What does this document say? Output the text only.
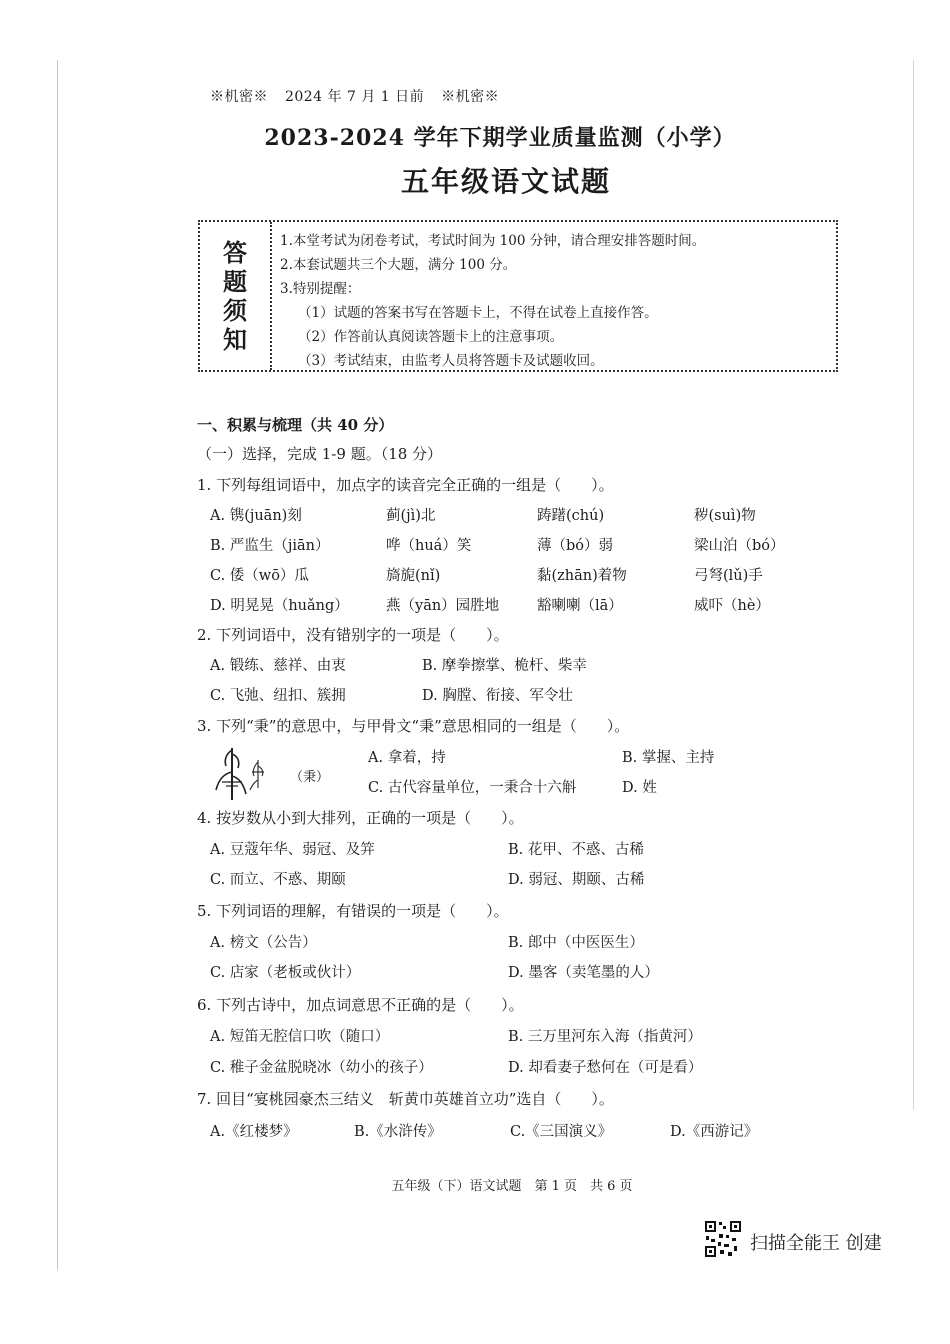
※机密※ 2024 年 7 月 1 日前 ※机密※
2023-2024 学年下期学业质量监测（小学）
五年级语文试题
答
题
须
知
1.本堂考试为闭卷考试，考试时间为 100 分钟，请合理安排答题时间。
2.本套试题共三个大题，满分 100 分。
3.特别提醒：
（1）试题的答案书写在答题卡上，不得在试卷上直接作答。
（2）作答前认真阅读答题卡上的注意事项。
（3）考试结束，由监考人员将答题卡及试题收回。
一、积累与梳理（共 40 分）
（一）选择，完成 1-9 题。（18 分）
1. 下列每组词语中，加点字的读音完全正确的一组是（　　）。
A. 镌(juān)刻	蓟(jì)北	踌躇(chú)	秽(suì)物
B. 严监生（jiān）	哗（huá）笑	薄（bó）弱	梁山泊（bó）
C. 倭（wō）瓜	旖旎(nǐ)	黏(zhān)着物	弓弩(lǔ)手
D. 明晃晃（huǎng）	燕（yān）园胜地	豁喇喇（lā）	威吓（hè）
2. 下列词语中，没有错别字的一项是（　　）。
A. 锻练、慈祥、由衷	B. 摩拳擦掌、桅杆、柴幸
C. 飞弛、纽扣、簇拥	D. 胸膛、衔接、军令壮
3. 下列“秉”的意思中，与甲骨文“秉”意思相同的一组是（　　）。
（秉）
A. 拿着，持	B. 掌握、主持
C. 古代容量单位，一秉合十六斛	D. 姓
4. 按岁数从小到大排列，正确的一项是（　　）。
A. 豆蔻年华、弱冠、及笄	B. 花甲、不惑、古稀
C. 而立、不惑、期颐	D. 弱冠、期颐、古稀
5. 下列词语的理解，有错误的一项是（　　）。
A. 榜文（公告）	B. 郎中（中医医生）
C. 店家（老板或伙计）	D. 墨客（卖笔墨的人）
6. 下列古诗中，加点词意思不正确的是（　　）。
A. 短笛无腔信口吹（随口）	B. 三万里河东入海（指黄河）
C. 稚子金盆脱晓冰（幼小的孩子）	D. 却看妻子愁何在（可是看）
7. 回目“宴桃园豪杰三结义　斩黄巾英雄首立功”选自（　　）。
A.《红楼梦》	B.《水浒传》	C.《三国演义》	D.《西游记》
五年级（下）语文试题　第 1 页　共 6 页
扫描全能王 创建
